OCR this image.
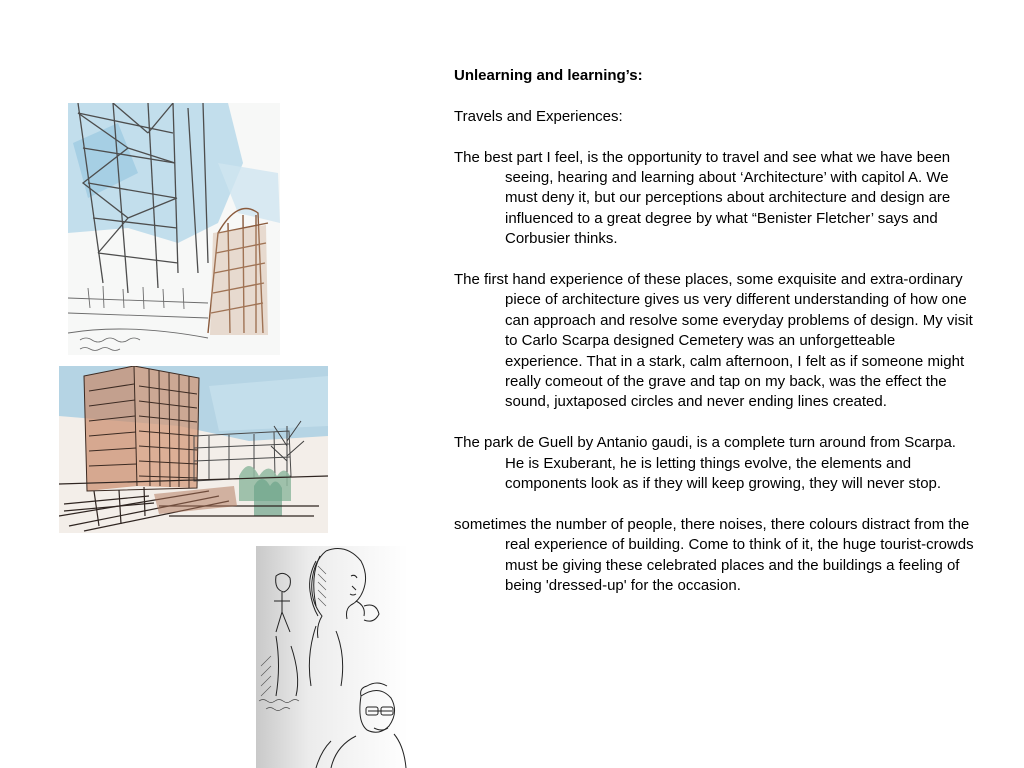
Unlearning and learning’s:

Travels and Experiences:

The best part I feel, is the opportunity to travel and see what we have been seeing, hearing and learning about ‘Architecture’ with capitol A. We must deny it, but our perceptions about architecture and design are influenced to a great degree by what “Benister Fletcher’ says and Corbusier thinks.

The first hand experience of these places, some exquisite and extra-ordinary piece of architecture gives us very different understanding of how one can approach and resolve some everyday problems of design. My visit to Carlo Scarpa designed Cemetery was an unforgetteable experience. That in a stark, calm afternoon, I felt as if someone might really comeout of the grave and tap on my back, was the effect the sound, juxtaposed circles and never ending lines created.

The park de Guell by Antanio gaudi, is a complete turn around from Scarpa. He is Exuberant, he is letting things evolve, the elements and components look as if they will keep growing, they will never stop.

sometimes the number of people, there noises, there colours distract from the real experience of building. Come to think of it, the huge tourist-crowds must be giving these celebrated places and the buildings a feeling of being 'dressed-up' for the occasion.
